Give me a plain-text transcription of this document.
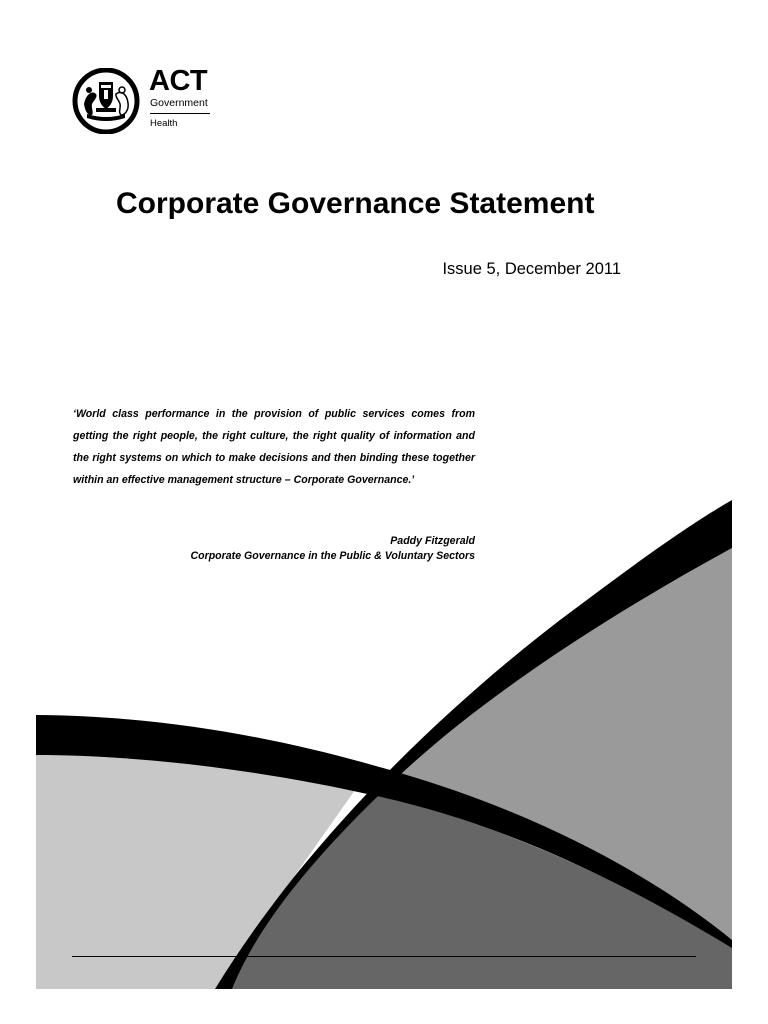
ACT
Government
Health
Corporate Governance Statement
Issue 5, December 2011

‘World class performance in the provision of public services comes from getting the right people, the right culture, the right quality of information and the right systems on which to make decisions and then binding these together within an effective management structure – Corporate Governance.’

Paddy Fitzgerald
Corporate Governance in the Public & Voluntary Sectors
